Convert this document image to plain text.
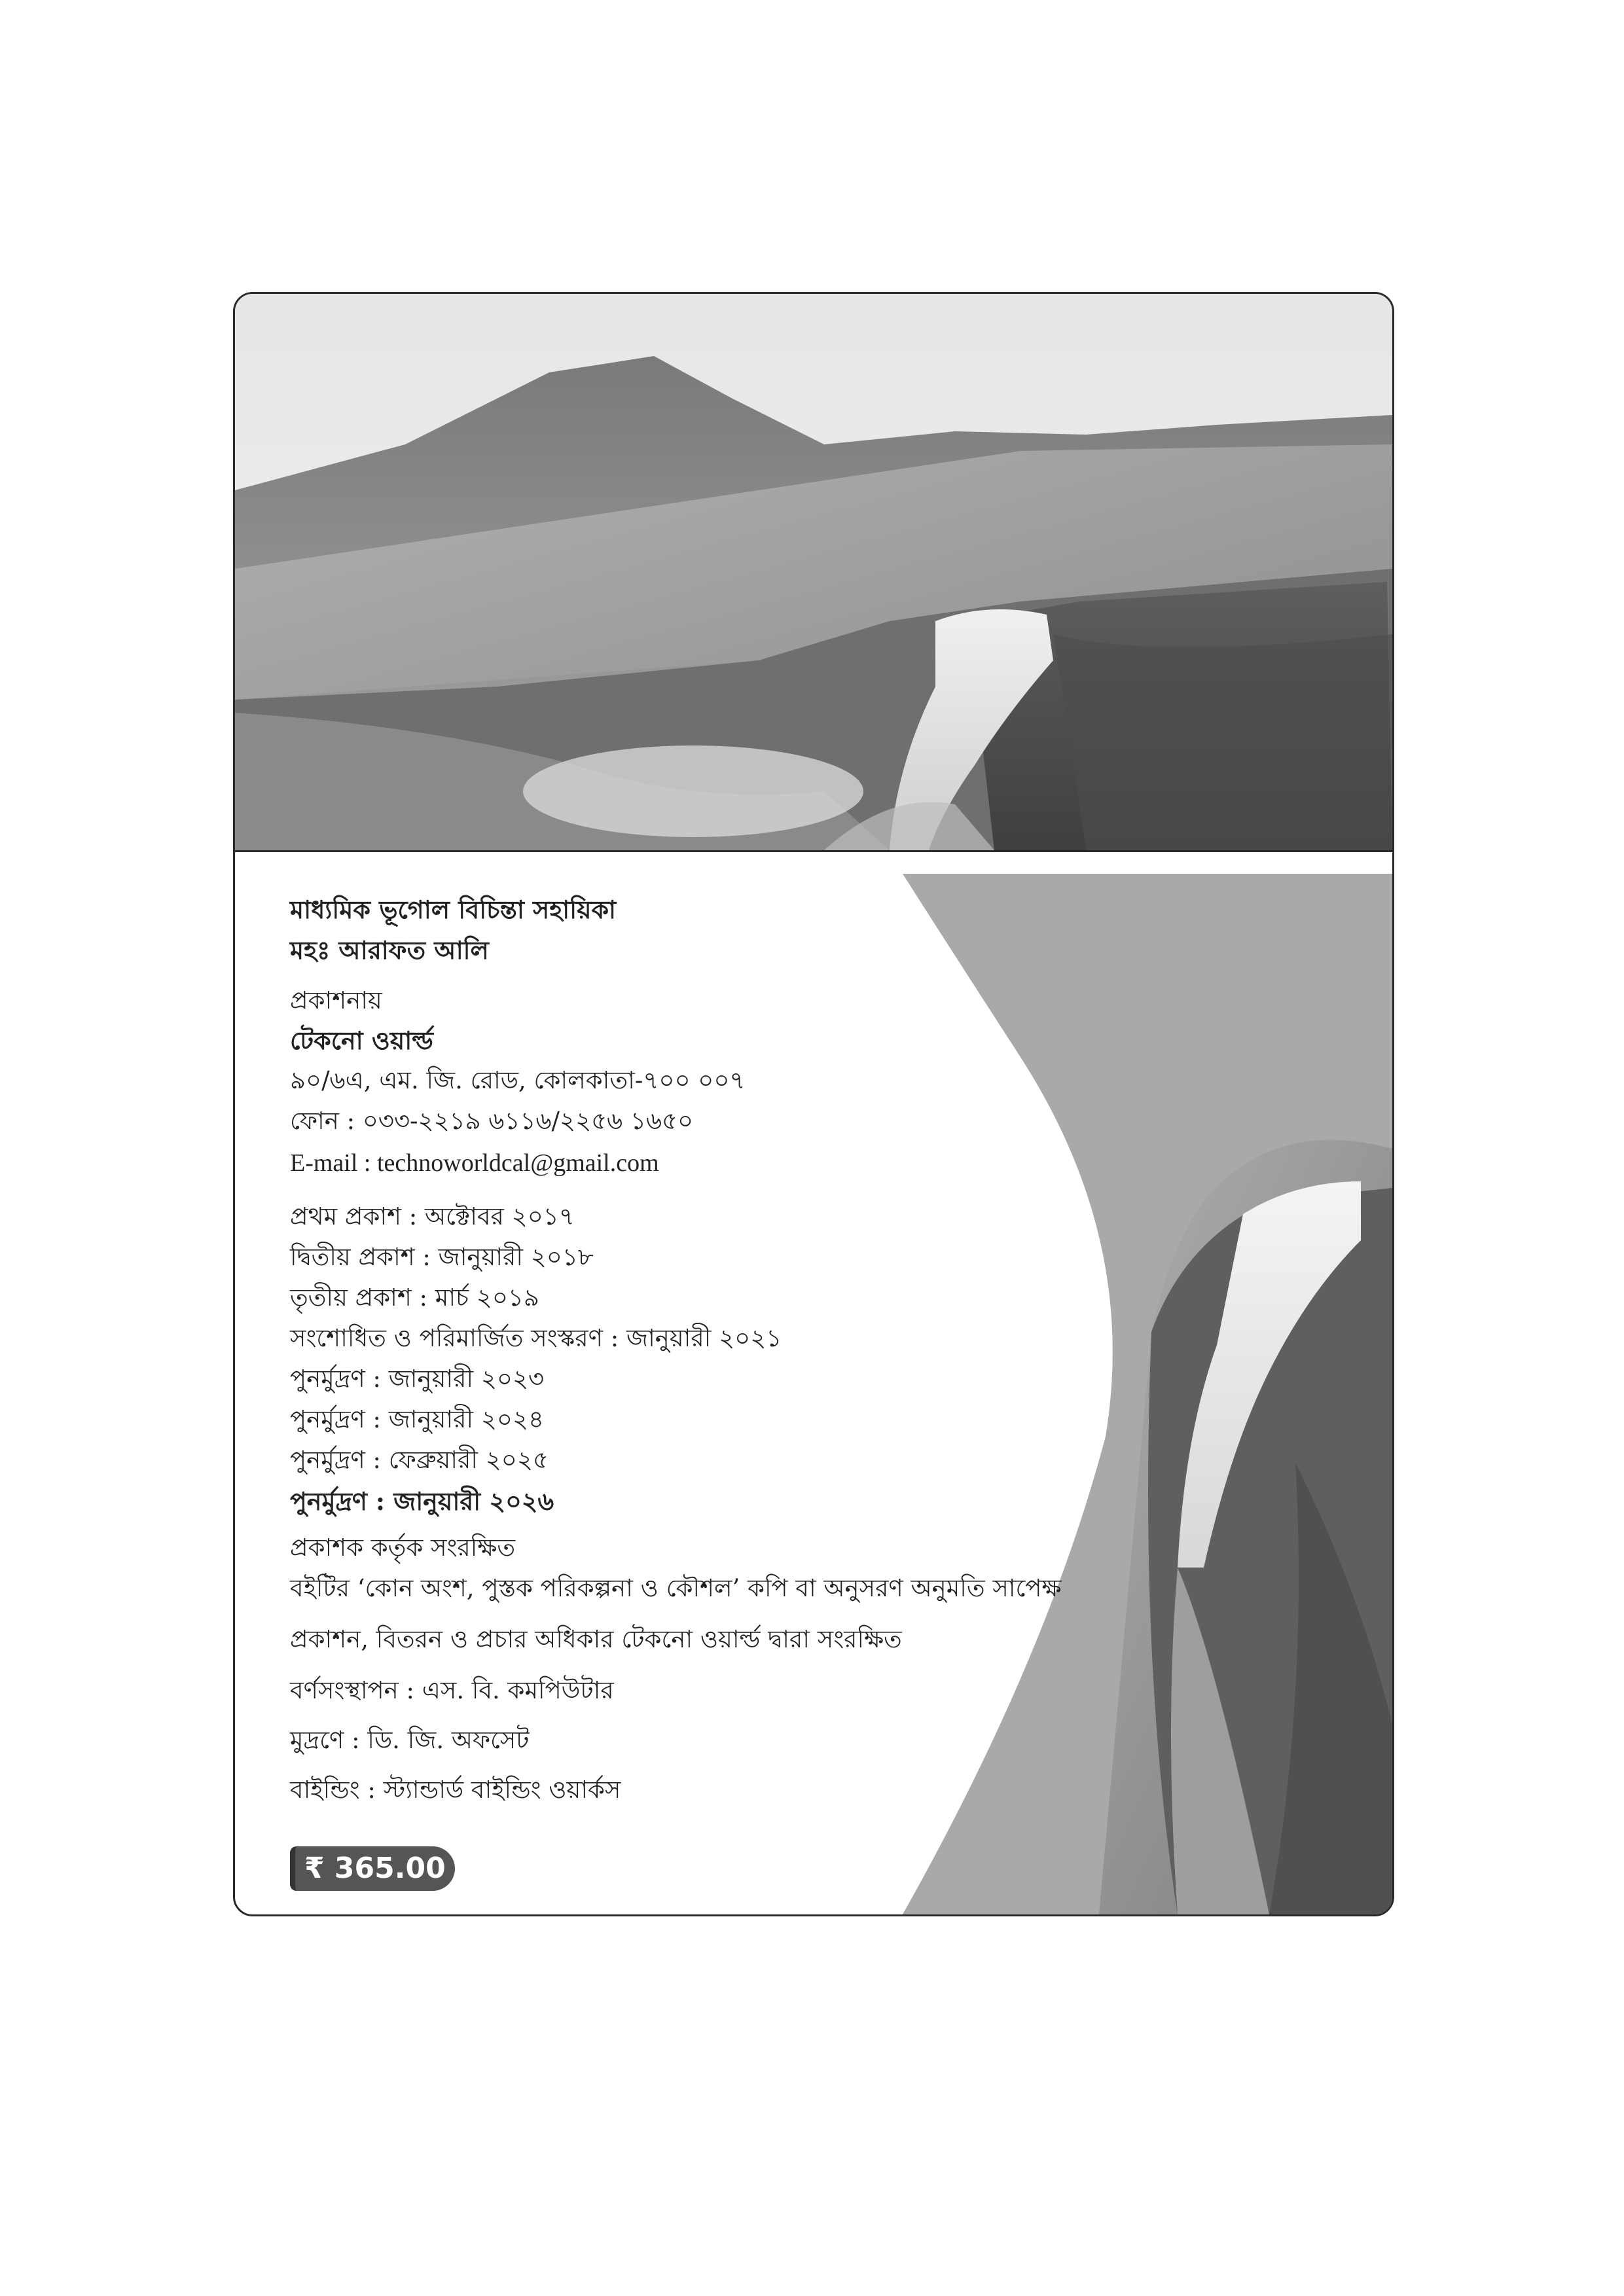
মাধ্যমিক ভূগোল বিচিন্তা সহায়িকা
মহঃ আরাফত আলি
প্রকাশনায়
টেকনো ওয়ার্ল্ড
৯০/৬এ, এম. জি. রোড, কোলকাতা-৭০০ ০০৭
ফোন : ০৩৩-২২১৯ ৬১১৬/২২৫৬ ১৬৫০
E-mail : technoworldcal@gmail.com
প্রথম প্রকাশ : অক্টোবর ২০১৭
দ্বিতীয় প্রকাশ : জানুয়ারী ২০১৮
তৃতীয় প্রকাশ : মার্চ ২০১৯
সংশোধিত ও পরিমার্জিত সংস্করণ : জানুয়ারী ২০২১
পুনর্মুদ্রণ : জানুয়ারী ২০২৩
পুনর্মুদ্রণ : জানুয়ারী ২০২৪
পুনর্মুদ্রণ : ফেব্রুয়ারী ২০২৫
পুনর্মুদ্রণ : জানুয়ারী ২০২৬
প্রকাশক কর্তৃক সংরক্ষিত
বইটির ‘কোন অংশ, পুস্তক পরিকল্পনা ও কৌশল’ কপি বা অনুসরণ অনুমতি সাপেক্ষ
প্রকাশন, বিতরন ও প্রচার অধিকার টেকনো ওয়ার্ল্ড দ্বারা সংরক্ষিত
বর্ণসংস্থাপন : এস. বি. কমপিউটার
মুদ্রণে : ডি. জি. অফসেট
বাইন্ডিং : স্ট্যান্ডার্ড বাইন্ডিং ওয়ার্কস
₹ 365.00
